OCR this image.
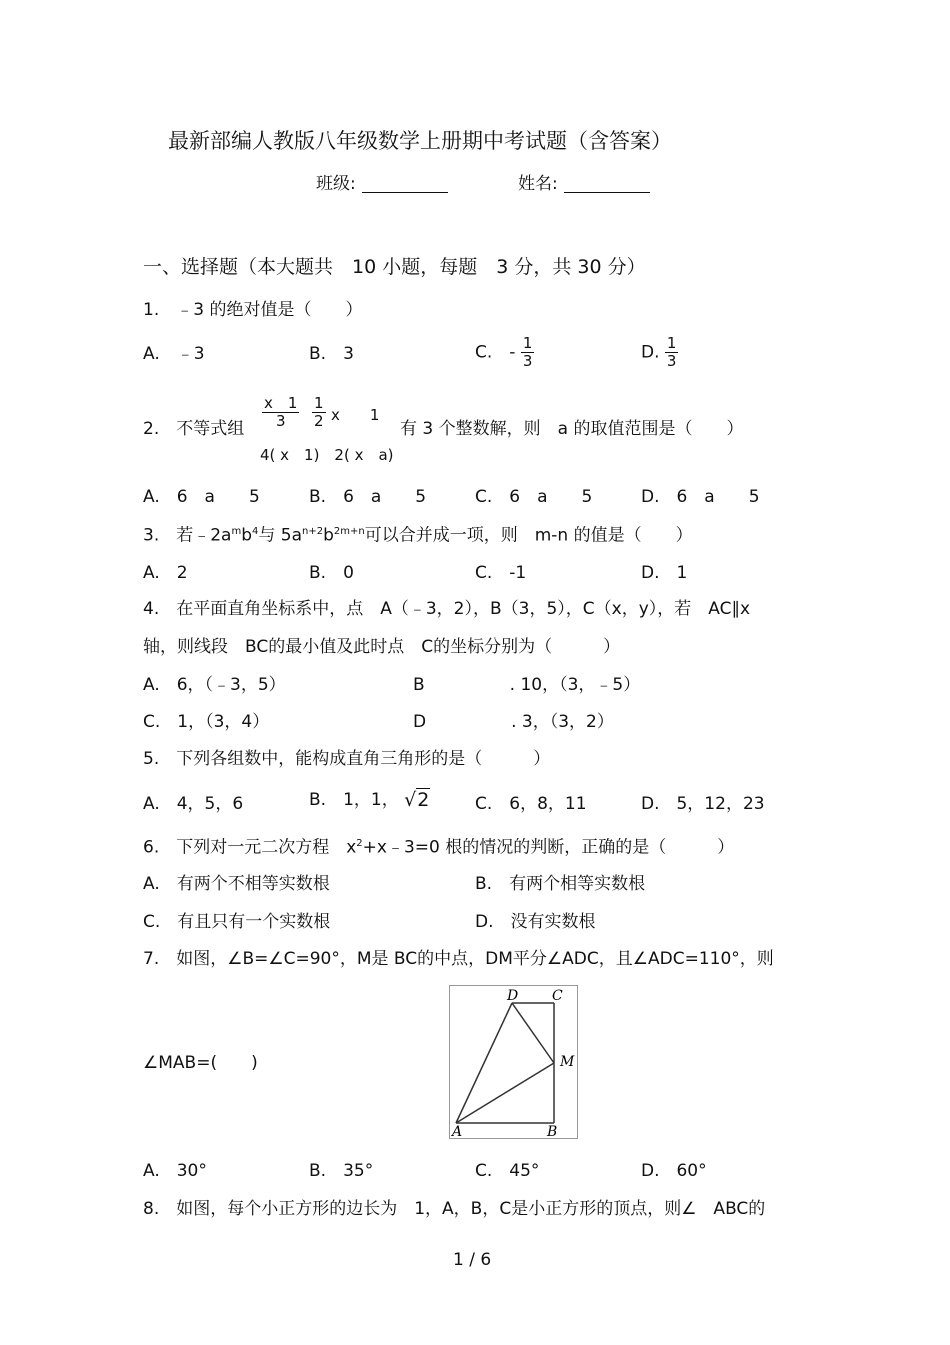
最新部编人教版八年级数学上册期中考试题（含答案）
班级:	姓名:
一、选择题（本大题共　10 小题，每题　3 分，共 30 分）
1.　﹣3 的绝对值是（　　）
A.　﹣3	B.　3	C.　- $\frac{1}{3}$	D. $\frac{1}{3}$
2.　不等式组 $\frac{x 1}{3} \frac{1}{2}$ x　　1
4( x　1)　2( x　a)
有 3 个整数解，则　a 的取值范围是（　　）
A.　6　a　　5	B.　6　a　　5	C.　6　a　　5	D.　6　a　　5
3.　若$﹣2a^mb^4$与 $5a^{n+2}b^{2m+n}$可以合并成一项，则　m-n 的值是（　　）
A.　2	B.　0	C.　-1	D.　1
4.　在平面直角坐标系中，点　A（﹣3，2），B（3，5），C（x，y），若　AC∥x
轴，则线段　BC的最小值及此时点　C的坐标分别为（　　　）
A.　6，（﹣3，5）	B　　　　　. 10，（3，﹣5）
C.　1，（3，4）	D　　　　　. 3，（3，2）
5.　下列各组数中，能构成直角三角形的是（　　　）
A.　4，5，6	B.　1，1， √2	C.　6，8，11	D.　5，12，23
6.　下列对一元二次方程　$x^2+x﹣3=0$ 根的情况的判断，正确的是（　　　）
A.　有两个不相等实数根	B.　有两个相等实数根
C.　有且只有一个实数根	D.　没有实数根
7.　如图，∠B=∠C=90°，M是 BC的中点，DM平分∠ADC，且∠ADC=110°，则
∠MAB=(　　)
D C
M
A	B
A.　30°	B.　35°	C.　45°	D.　60°
8.　如图，每个小正方形的边长为　1，A，B，C是小正方形的顶点，则∠　ABC的
1 / 6
